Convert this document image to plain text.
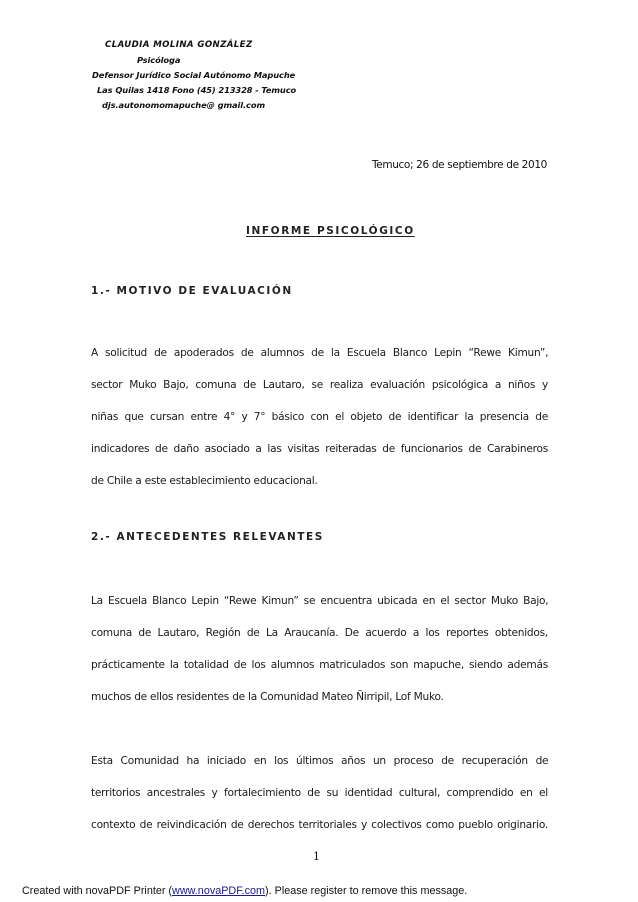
CLAUDIA MOLINA GONZÁLEZ
Psicóloga
Defensor Jurídico Social Autónomo Mapuche
Las Quilas 1418 Fono (45) 213328 - Temuco
djs.autonomomapuche@ gmail.com
Temuco; 26 de septiembre de 2010
INFORME PSICOLÓGICO
1.- MOTIVO DE EVALUACIÓN
A solicitud de apoderados de alumnos de la Escuela Blanco Lepin “Rewe Kimun”,
sector Muko Bajo, comuna de Lautaro, se realiza evaluación psicológica a niños y
niñas que cursan entre 4° y 7° básico con el objeto de identificar la presencia de
indicadores de daño asociado a las visitas reiteradas de funcionarios de Carabineros
de Chile a este establecimiento educacional.
2.- ANTECEDENTES RELEVANTES
La Escuela Blanco Lepin “Rewe Kimun” se encuentra ubicada en el sector Muko Bajo,
comuna de Lautaro, Región de La Araucanía. De acuerdo a los reportes obtenidos,
prácticamente la totalidad de los alumnos matriculados son mapuche, siendo además
muchos de ellos residentes de la Comunidad Mateo Ñirripil, Lof Muko.
Esta Comunidad ha iniciado en los últimos años un proceso de recuperación de
territorios ancestrales y fortalecimiento de su identidad cultural, comprendido en el
contexto de reivindicación de derechos territoriales y colectivos como pueblo originario.
1
Created with novaPDF Printer (www.novaPDF.com). Please register to remove this message.
